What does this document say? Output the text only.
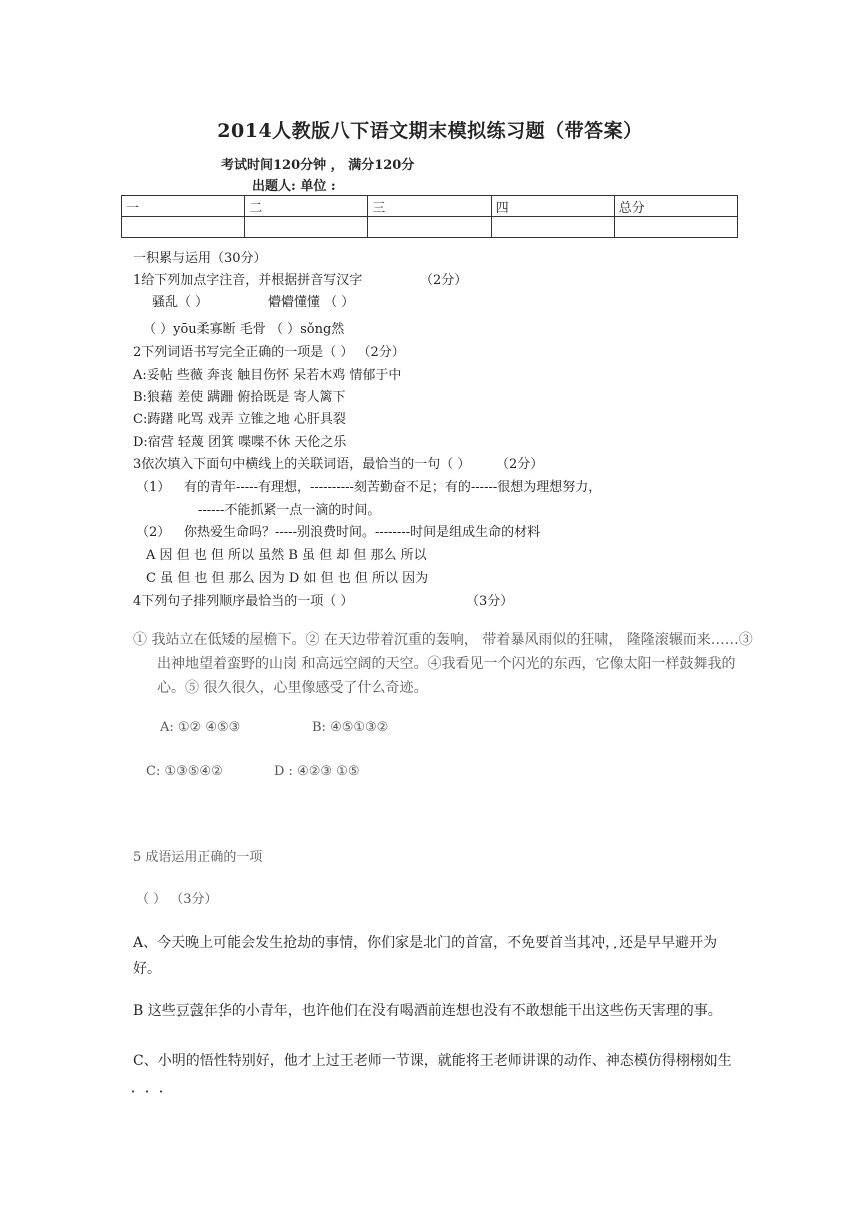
2014人教版八下语文期末模拟练习题（带答案）
考试时间120分钟 ， 满分120分
出题人: 单位 :
一	二	三	四	总分

一积累与运用（30分）
1给下列加点字注音，并根据拼音写汉字	（2分）
骚乱（ ）	懵懵懂懂 （ ）
（ ）yōu柔寡断 毛骨 （ ）sǒng然
2下列词语书写完全正确的一项是（ ） （2分）
A:妥帖 些薇 奔丧 触目伤怀 呆若木鸡 情郁于中
B:狼藉 差使 蹒跚 俯拾既是 寄人篱下
C:踌躇 叱骂 戏弄 立锥之地 心肝具裂
D:宿营 轻蔑 团箕 喋喋不休 天伦之乐
3依次填入下面句中横线上的关联词语，最恰当的一句（ ） （2分）
（1） 有的青年-----有理想，----------刻苦勤奋不足；有的------很想为理想努力，
------不能抓紧一点一滴的时间。
（2） 你热爱生命吗？-----别浪费时间。--------时间是组成生命的材料
A 因 但 也 但 所以 虽然 B 虽 但 却 但 那么 所以
C 虽 但 也 但 那么 因为 D 如 但 也 但 所以 因为
4下列句子排列顺序最恰当的一项（ ）	（3分）
① 我站立在低矮的屋檐下。② 在天边带着沉重的轰响， 带着暴风雨似的狂啸， 隆隆滚辗而来……③ 出神地望着蛮野的山岗 和高远空阔的天空。④我看见一个闪光的东西，它像太阳一样鼓舞我的心。⑤ 很久很久，心里像感受了什么奇迹。
A: ①② ④⑤③	B: ④⑤①③②
C: ①③⑤④②	D : ④②③ ①⑤
5 成语运用正确的一项
（ ） （3分）
A、今天晚上可能会发生抢劫的事情，你们家是北门的首富，不免要首当其冲，还是早早避开为好。
B 这些豆蔻年华的小青年，也许他们在没有喝酒前连想也没有不敢想能干出这些伤天害理的事。
C、小明的悟性特别好，他才上过王老师一节课，就能将王老师讲课的动作、神态模仿得栩栩如生
